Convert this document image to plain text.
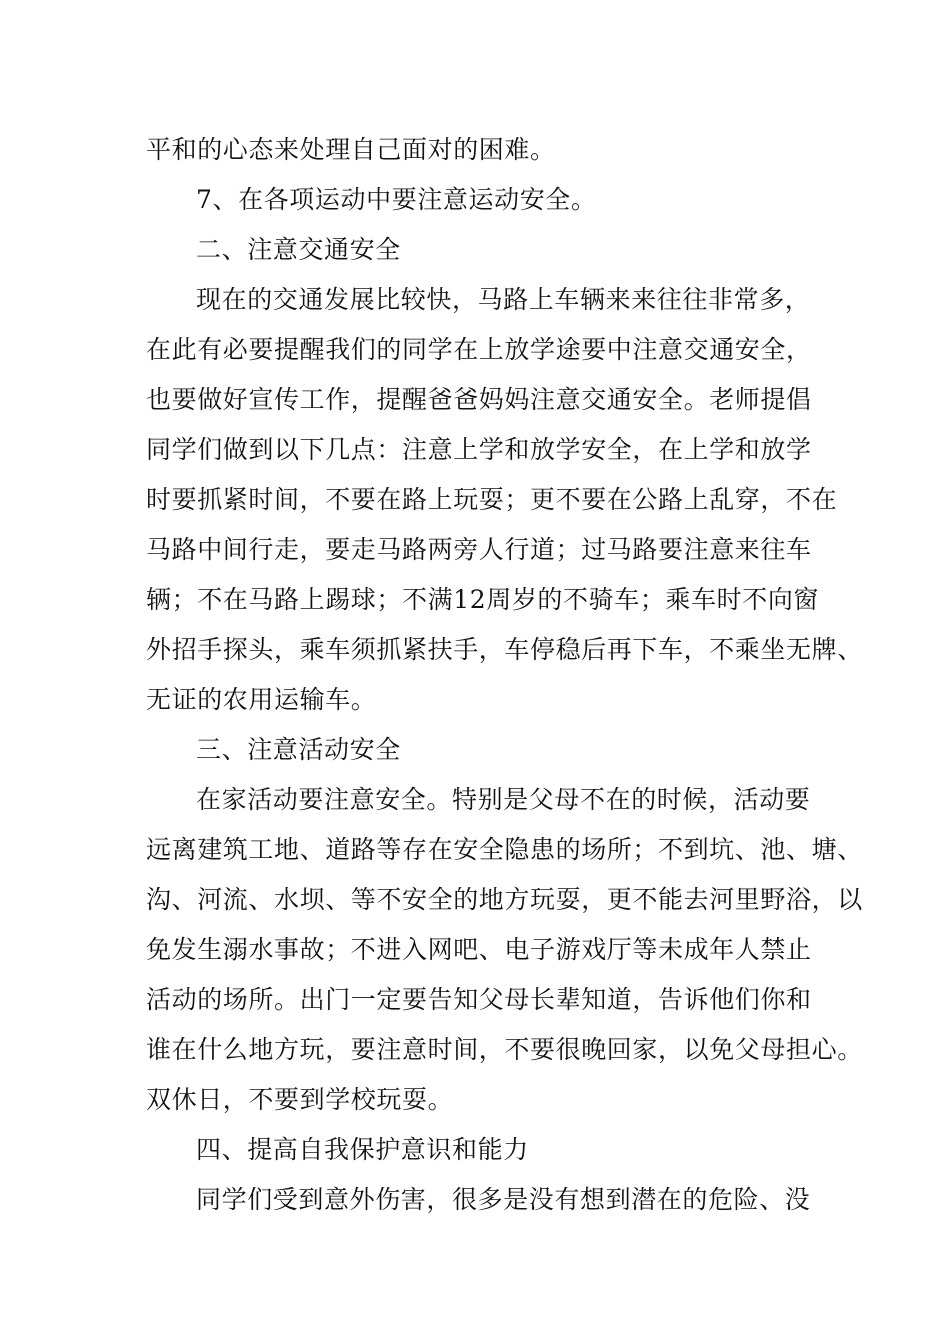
平和的心态来处理自己面对的困难。
7、在各项运动中要注意运动安全。
二、注意交通安全
现在的交通发展比较快，马路上车辆来来往往非常多，
在此有必要提醒我们的同学在上放学途要中注意交通安全，
也要做好宣传工作，提醒爸爸妈妈注意交通安全。老师提倡
同学们做到以下几点：注意上学和放学安全，在上学和放学
时要抓紧时间，不要在路上玩耍；更不要在公路上乱穿，不在
马路中间行走，要走马路两旁人行道；过马路要注意来往车
辆；不在马路上踢球；不满12周岁的不骑车；乘车时不向窗
外招手探头，乘车须抓紧扶手，车停稳后再下车，不乘坐无牌、
无证的农用运输车。
三、注意活动安全
在家活动要注意安全。特别是父母不在的时候，活动要
远离建筑工地、道路等存在安全隐患的场所；不到坑、池、塘、
沟、河流、水坝、等不安全的地方玩耍，更不能去河里野浴，以
免发生溺水事故；不进入网吧、电子游戏厅等未成年人禁止
活动的场所。出门一定要告知父母长辈知道，告诉他们你和
谁在什么地方玩，要注意时间，不要很晚回家，以免父母担心。
双休日，不要到学校玩耍。
四、提高自我保护意识和能力
同学们受到意外伤害，很多是没有想到潜在的危险、没
